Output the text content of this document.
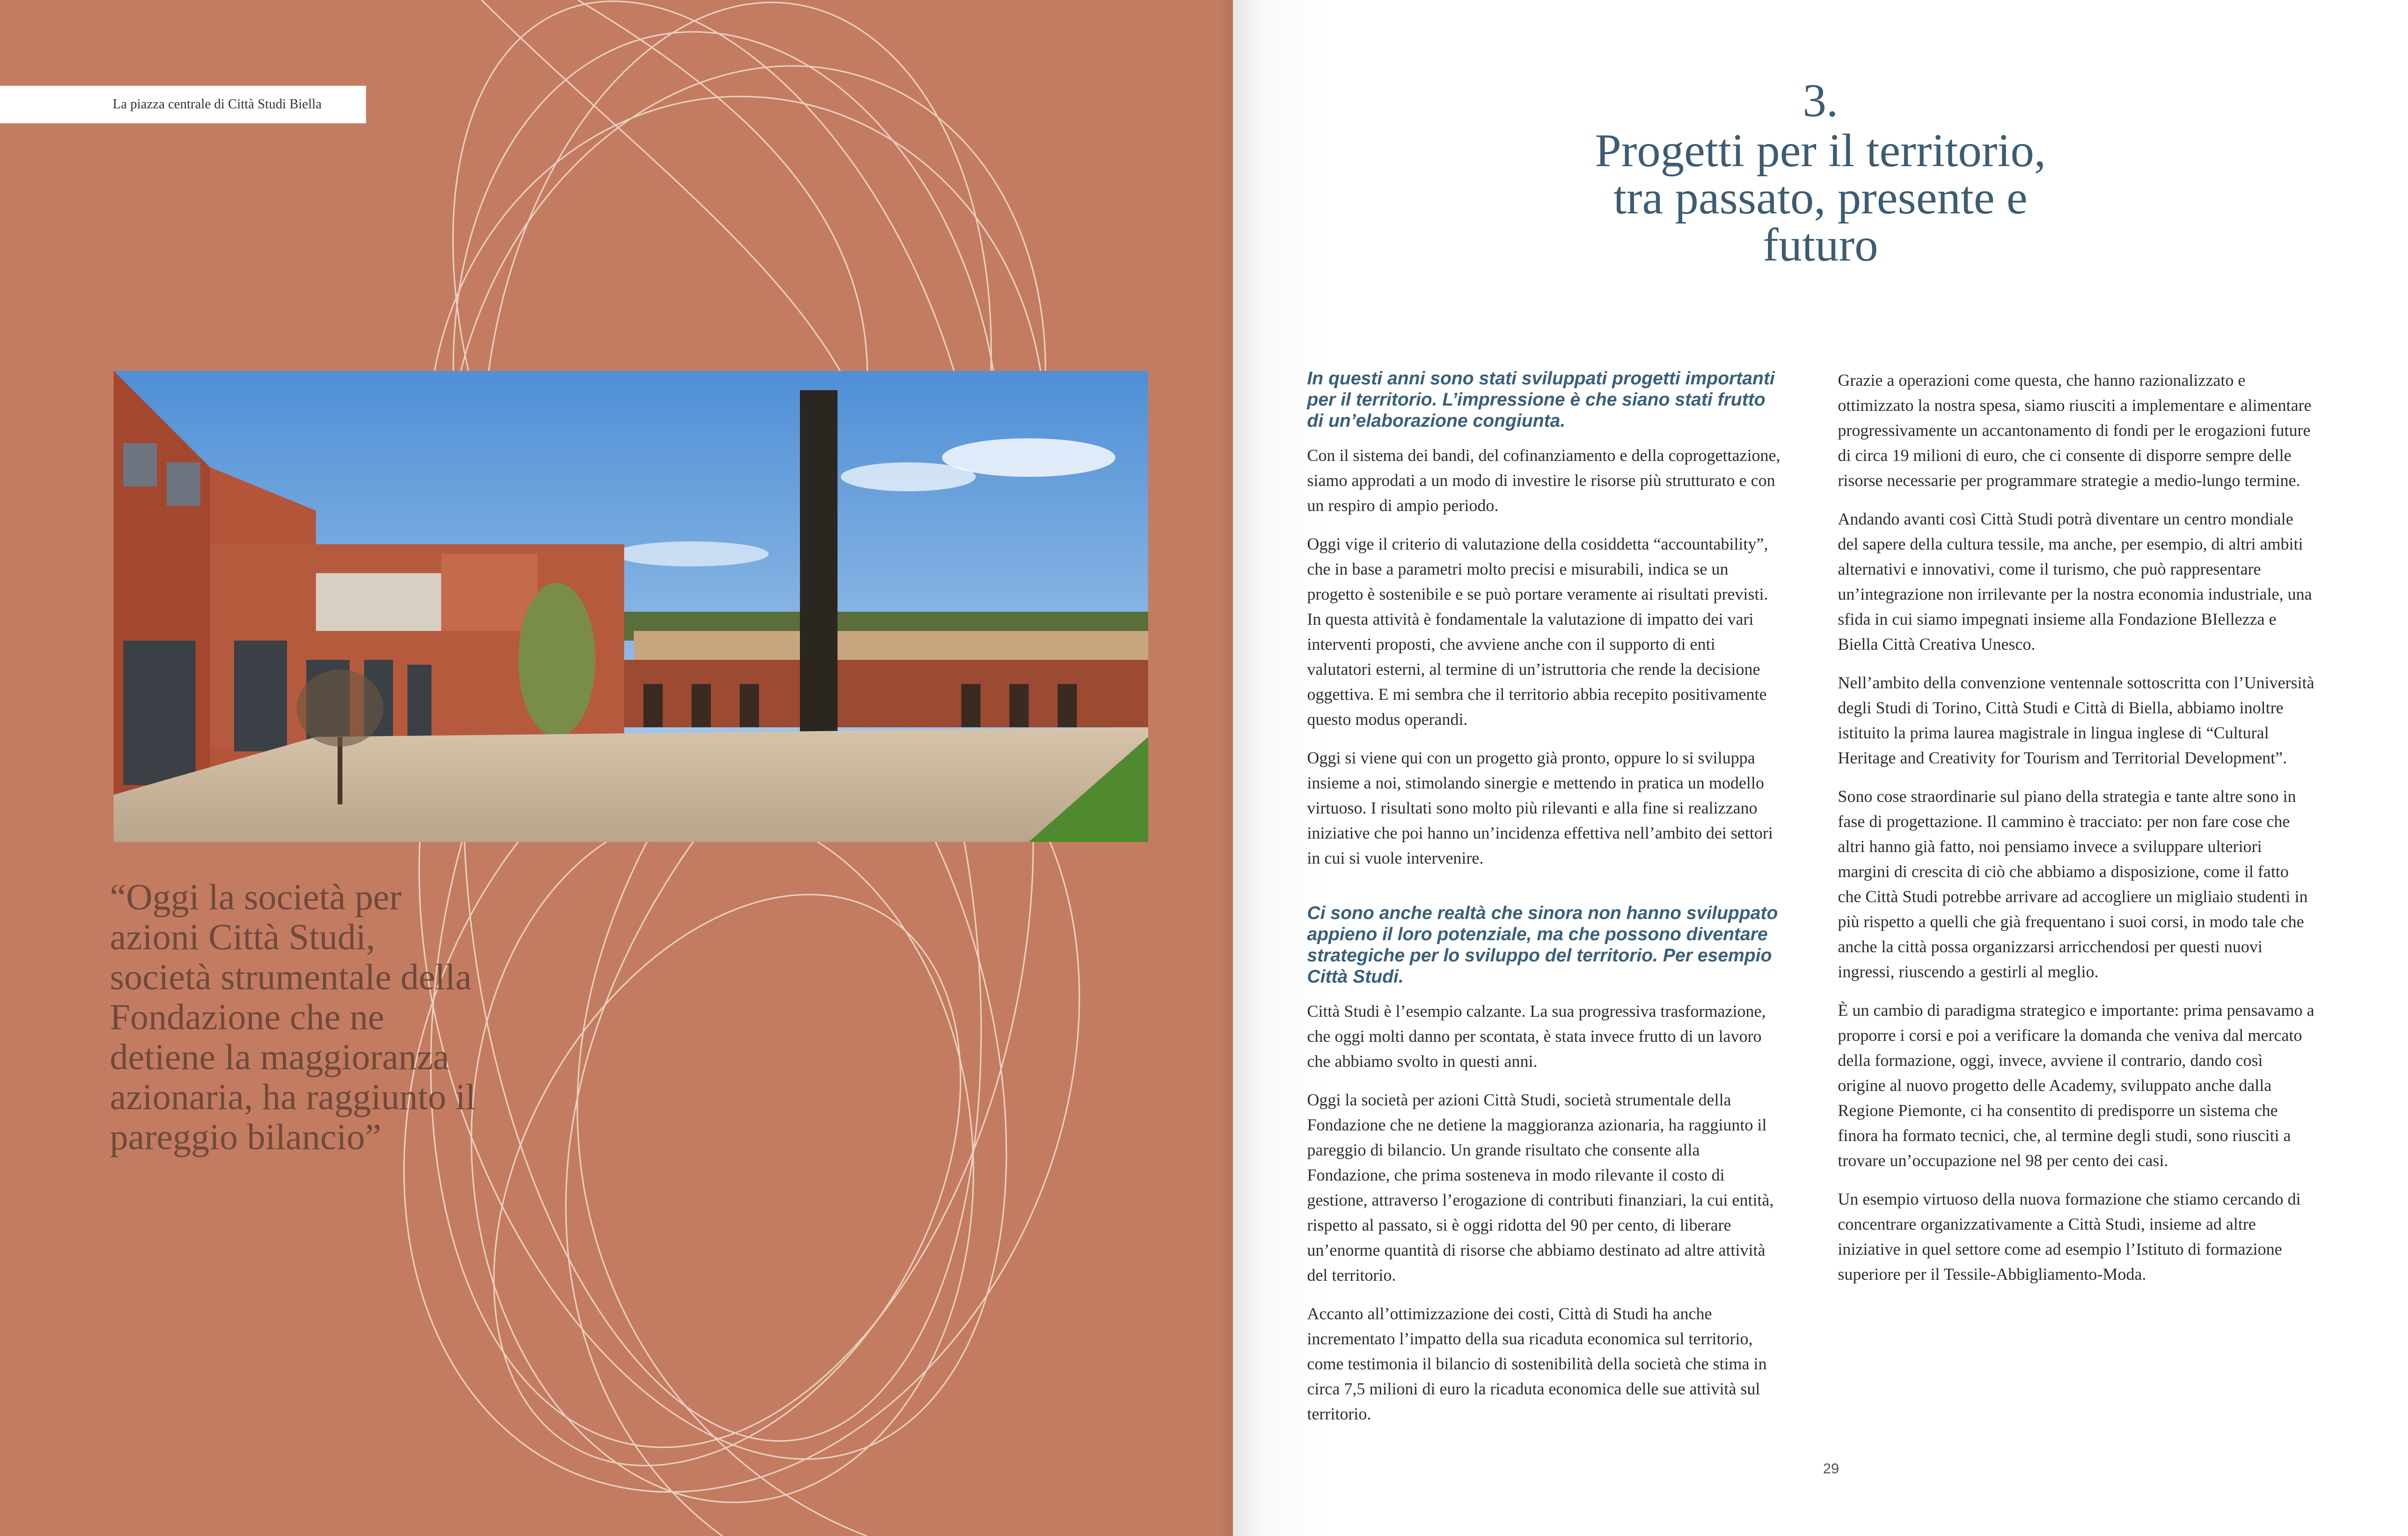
La piazza centrale di Città Studi Biella
“Oggi la società per azioni Città Studi, società strumentale della Fondazione che ne detiene la maggioranza azionaria, ha raggiunto il pareggio bilancio”
3.
Progetti per il territorio, tra passato, presente e futuro

In questi anni sono stati sviluppati progetti importanti per il territorio. L’impressione è che siano stati frutto di un’elaborazione congiunta.

Con il sistema dei bandi, del cofinanziamento e della coprogettazione, siamo approdati a un modo di investire le risorse più strutturato e con un respiro di ampio periodo.

Oggi vige il criterio di valutazione della cosiddetta “accountability”, che in base a parametri molto precisi e misurabili, indica se un progetto è sostenibile e se può portare veramente ai risultati previsti. In questa attività è fondamentale la valutazione di impatto dei vari interventi proposti, che avviene anche con il supporto di enti valutatori esterni, al termine di un’istruttoria che rende la decisione oggettiva. E mi sembra che il territorio abbia recepito positivamente questo modus operandi.

Oggi si viene qui con un progetto già pronto, oppure lo si sviluppa insieme a noi, stimolando sinergie e mettendo in pratica un modello virtuoso. I risultati sono molto più rilevanti e alla fine si realizzano iniziative che poi hanno un’incidenza effettiva nell’ambito dei settori in cui si vuole intervenire.

Ci sono anche realtà che sinora non hanno sviluppato appieno il loro potenziale, ma che possono diventare strategiche per lo sviluppo del territorio. Per esempio Città Studi.

Città Studi è l’esempio calzante. La sua progressiva trasformazione, che oggi molti danno per scontata, è stata invece frutto di un lavoro che abbiamo svolto in questi anni.

Oggi la società per azioni Città Studi, società strumentale della Fondazione che ne detiene la maggioranza azionaria, ha raggiunto il pareggio di bilancio. Un grande risultato che consente alla Fondazione, che prima sosteneva in modo rilevante il costo di gestione, attraverso l’erogazione di contributi finanziari, la cui entità, rispetto al passato, si è oggi ridotta del 90 per cento, di liberare un’enorme quantità di risorse che abbiamo destinato ad altre attività del territorio.

Accanto all’ottimizzazione dei costi, Città di Studi ha anche incrementato l’impatto della sua ricaduta economica sul territorio, come testimonia il bilancio di sostenibilità della società che stima in circa 7,5 milioni di euro la ricaduta economica delle sue attività sul territorio.

Grazie a operazioni come questa, che hanno razionalizzato e ottimizzato la nostra spesa, siamo riusciti a implementare e alimentare progressivamente un accantonamento di fondi per le erogazioni future di circa 19 milioni di euro, che ci consente di disporre sempre delle risorse necessarie per programmare strategie a medio-lungo termine.

Andando avanti così Città Studi potrà diventare un centro mondiale del sapere della cultura tessile, ma anche, per esempio, di altri ambiti alternativi e innovativi, come il turismo, che può rappresentare un’integrazione non irrilevante per la nostra economia industriale, una sfida in cui siamo impegnati insieme alla Fondazione BIellezza e Biella Città Creativa Unesco.

Nell’ambito della convenzione ventennale sottoscritta con l’Università degli Studi di Torino, Città Studi e Città di Biella, abbiamo inoltre istituito la prima laurea magistrale in lingua inglese di “Cultural Heritage and Creativity for Tourism and Territorial Development”.

Sono cose straordinarie sul piano della strategia e tante altre sono in fase di progettazione. Il cammino è tracciato: per non fare cose che altri hanno già fatto, noi pensiamo invece a sviluppare ulteriori margini di crescita di ciò che abbiamo a disposizione, come il fatto che Città Studi potrebbe arrivare ad accogliere un migliaio studenti in più rispetto a quelli che già frequentano i suoi corsi, in modo tale che anche la città possa organizzarsi arricchendosi per questi nuovi ingressi, riuscendo a gestirli al meglio.

È un cambio di paradigma strategico e importante: prima pensavamo a proporre i corsi e poi a verificare la domanda che veniva dal mercato della formazione, oggi, invece, avviene il contrario, dando così origine al nuovo progetto delle Academy, sviluppato anche dalla Regione Piemonte, ci ha consentito di predisporre un sistema che finora ha formato tecnici, che, al termine degli studi, sono riusciti a trovare un’occupazione nel 98 per cento dei casi.

Un esempio virtuoso della nuova formazione che stiamo cercando di concentrare organizzativamente a Città Studi, insieme ad altre iniziative in quel settore come ad esempio l’Istituto di formazione superiore per il Tessile-Abbigliamento-Moda.

29
